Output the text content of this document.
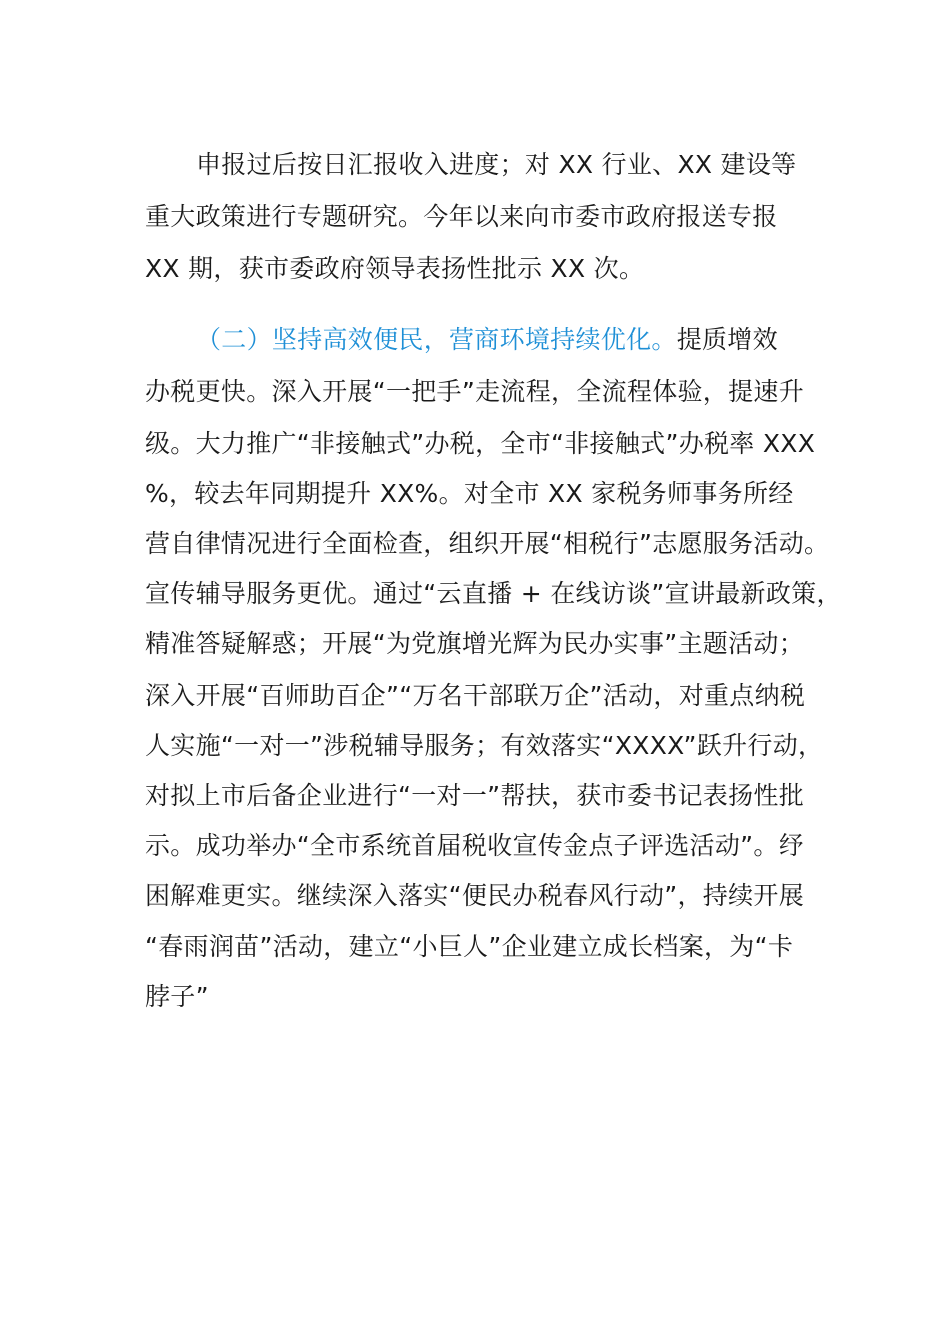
申报过后按日汇报收入进度；对 XX 行业、XX 建设等
重大政策进行专题研究。今年以来向市委市政府报送专报
XX 期，获市委政府领导表扬性批示 XX 次。
（二）坚持高效便民，营商环境持续优化。提质增效
办税更快。深入开展“一把手”走流程，全流程体验，提速升
级。大力推广“非接触式”办税，全市“非接触式”办税率 XXX
%，较去年同期提升 XX%。对全市 XX 家税务师事务所经
营自律情况进行全面检查，组织开展“相税行”志愿服务活动。
宣传辅导服务更优。通过“云直播 + 在线访谈”宣讲最新政策，
精准答疑解惑；开展“为党旗增光辉为民办实事”主题活动；
深入开展“百师助百企”“万名干部联万企”活动，对重点纳税
人实施“一对一”涉税辅导服务；有效落实“XXXX”跃升行动，
对拟上市后备企业进行“一对一”帮扶，获市委书记表扬性批
示。成功举办“全市系统首届税收宣传金点子评选活动”。纾
困解难更实。继续深入落实“便民办税春风行动”，持续开展
“春雨润苗”活动，建立“小巨人”企业建立成长档案，为“卡
脖子”
